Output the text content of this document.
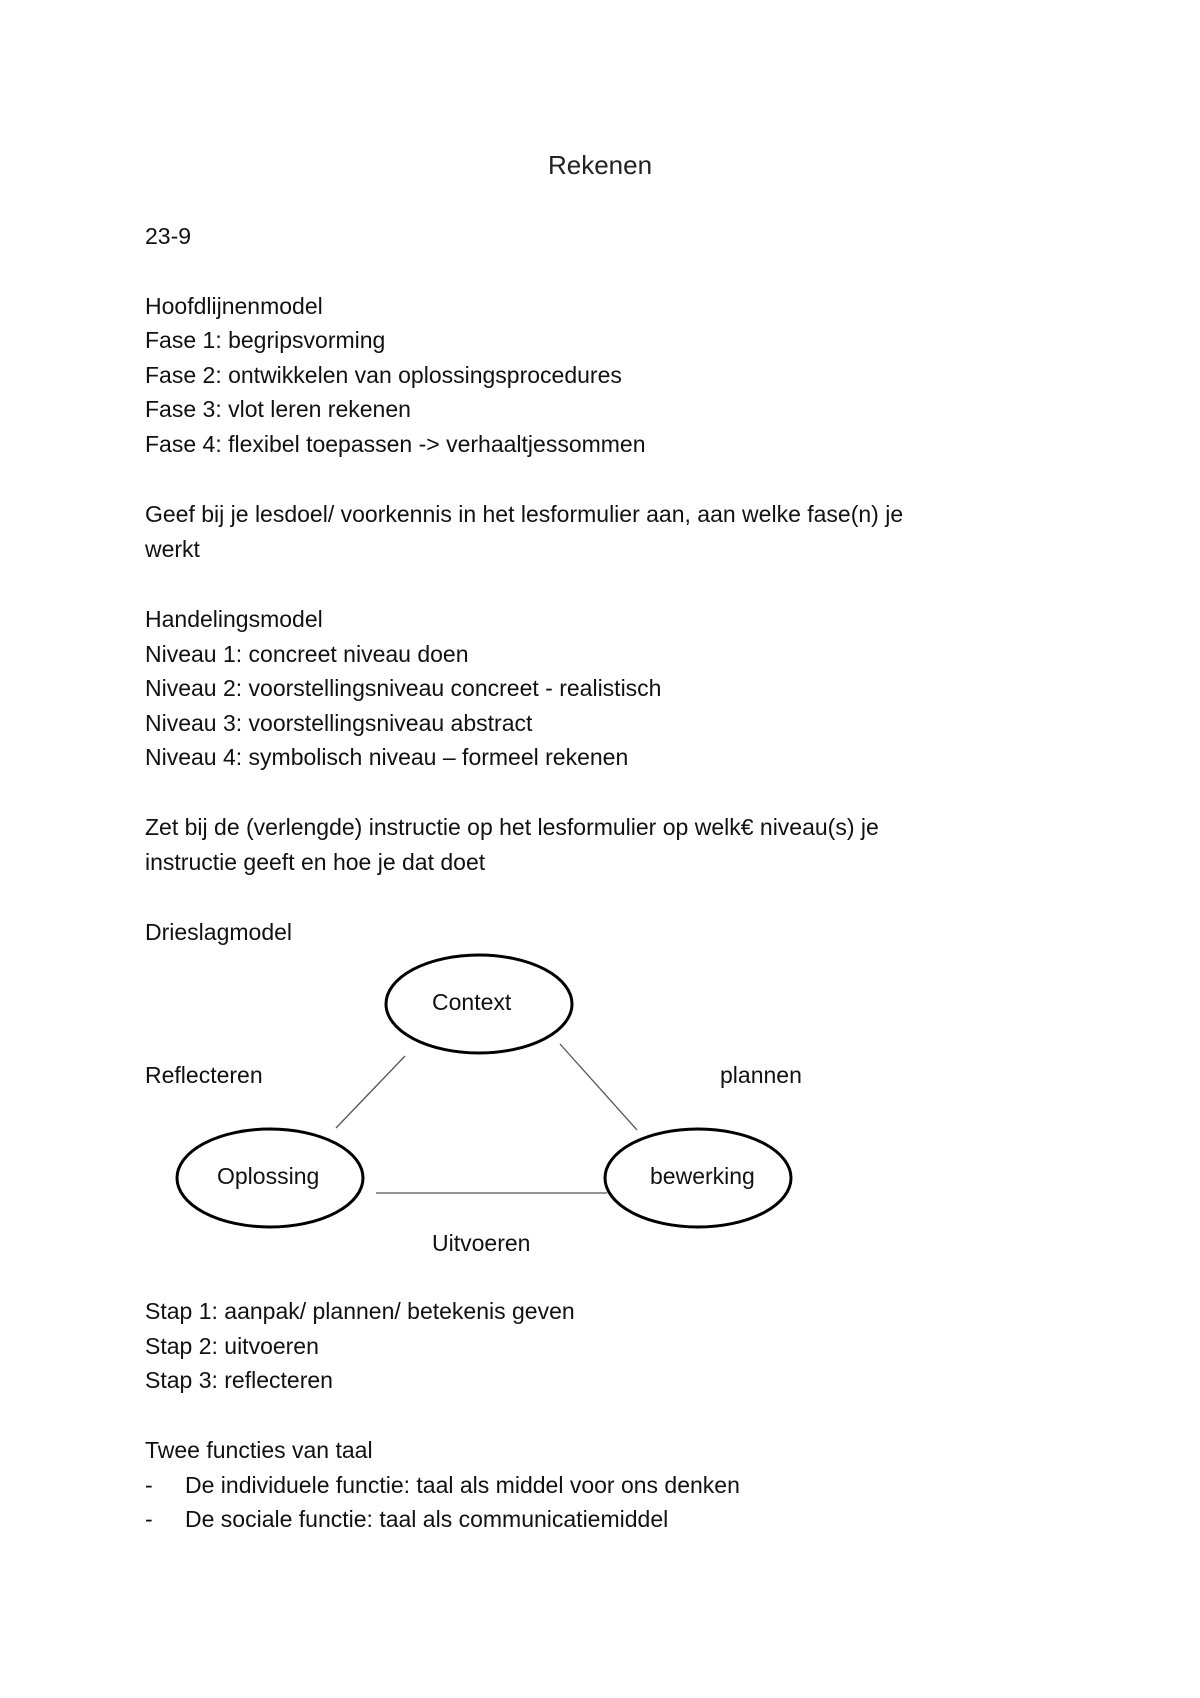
Rekenen
23-9
Hoofdlijnenmodel
Fase 1: begripsvorming
Fase 2: ontwikkelen van oplossingsprocedures
Fase 3: vlot leren rekenen
Fase 4: flexibel toepassen -> verhaaltjessommen
Geef bij je lesdoel/ voorkennis in het lesformulier aan, aan welke fase(n) je
werkt
Handelingsmodel
Niveau 1: concreet niveau doen
Niveau 2: voorstellingsniveau concreet - realistisch
Niveau 3: voorstellingsniveau abstract
Niveau 4: symbolisch niveau – formeel rekenen
Zet bij de (verlengde) instructie op het lesformulier op welk€ niveau(s) je
instructie geeft en hoe je dat doet
Drieslagmodel
Context
Oplossing	bewerking
Reflecteren	plannen
Uitvoeren
Stap 1: aanpak/ plannen/ betekenis geven
Stap 2: uitvoeren
Stap 3: reflecteren
Twee functies van taal
- De individuele functie: taal als middel voor ons denken
- De sociale functie: taal als communicatiemiddel
